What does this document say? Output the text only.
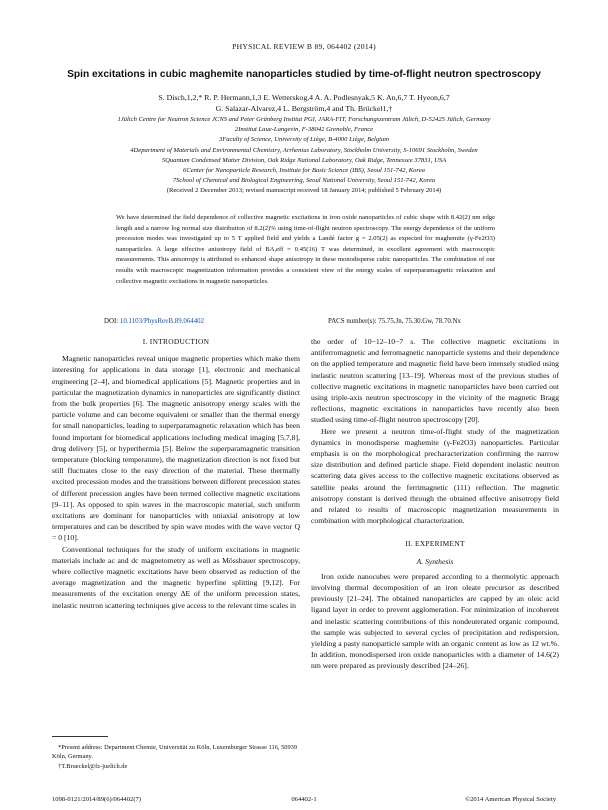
PHYSICAL REVIEW B 89, 064402 (2014)
Spin excitations in cubic maghemite nanoparticles studied by time-of-flight neutron spectroscopy
S. Disch,1,2,* R. P. Hermann,1,3 E. Wetterskog,4 A. A. Podlesnyak,5 K. An,6,7 T. Hyeon,6,7
G. Salazar-Alvarez,4 L. Bergström,4 and Th. Brückel1,†
1Jülich Centre for Neutron Science JCNS and Peter Grünberg Institut PGI, JARA-FIT, Forschungszentrum Jülich, D-52425 Jülich, Germany
2Institut Laue-Langevin, F-38042 Grenoble, France
3Faculty of Science, University of Liège, B-4000 Liège, Belgium
4Department of Materials and Environmental Chemistry, Arrhenius Laboratory, Stockholm University, S-10691 Stockholm, Sweden
5Quantum Condensed Matter Division, Oak Ridge National Laboratory, Oak Ridge, Tennessee 37831, USA
6Center for Nanoparticle Research, Institute for Basic Science (IBS), Seoul 151-742, Korea
7School of Chemical and Biological Engineering, Seoul National University, Seoul 151-742, Korea
(Received 2 December 2013; revised manuscript received 18 January 2014; published 5 February 2014)
We have determined the field dependence of collective magnetic excitations in iron oxide nanoparticles of cubic shape with 8.42(2) nm edge length and a narrow log normal size distribution of 8.2(2)% using time-of-flight neutron spectroscopy. The energy dependence of the uniform precession modes was investigated up to 5 T applied field and yields a Landé factor g = 2.05(2) as expected for maghemite (γ-Fe2O3) nanoparticles. A large effective anisotropy field of BA,eff = 0.45(16) T was determined, in excellent agreement with macroscopic measurements. This anisotropy is attributed to enhanced shape anisotropy in these monodisperse cubic nanoparticles. The combination of our results with macroscopic magnetization information provides a consistent view of the energy scales of superparamagnetic relaxation and collective magnetic excitations in magnetic nanoparticles.
DOI: 10.1103/PhysRevB.89.064402	PACS number(s): 75.75.Jn, 75.30.Gw, 78.70.Nx
I. INTRODUCTION

Magnetic nanoparticles reveal unique magnetic properties which make them interesting for applications in data storage [1], electronic and mechanical engineering [2–4], and biomedical applications [5]. Magnetic properties and in particular the magnetization dynamics in nanoparticles are significantly distinct from the bulk properties [6]. The magnetic anisotropy energy scales with the particle volume and can become equivalent or smaller than the thermal energy for small nanoparticles, leading to superparamagnetic relaxation which has been found important for biomedical applications including medical imaging [5,7,8], drug delivery [5], or hyperthermia [5]. Below the superparamagnetic transition temperature (blocking temperature), the magnetization direction is not fixed but still fluctuates close to the easy direction of the material. These thermally excited precession modes and the transitions between different precession states of different precession angles have been termed collective magnetic excitations [9–11]. As opposed to spin waves in the macroscopic material, such uniform excitations are dominant for nanoparticles with uniaxial anisotropy at low temperatures and can be described by spin wave modes with the wave vector Q = 0 [10].

Conventional techniques for the study of uniform excitations in magnetic materials include ac and dc magnetometry as well as Mössbauer spectroscopy, where collective magnetic excitations have been observed as reduction of the average magnetization and the magnetic hyperfine splitting [9,12]. For measurements of the excitation energy ΔE of the uniform precession states, inelastic neutron scattering techniques give access to the relevant time scales in

the order of 10−12–10−7 s. The collective magnetic excitations in antiferromagnetic and ferromagnetic nanoparticle systems and their dependence on the applied temperature and magnetic field have been intensely studied using inelastic neutron scattering [13–19]. Whereas most of the previous studies of collective magnetic excitations in magnetic nanoparticles have been carried out using triple-axis neutron spectroscopy in the vicinity of the magnetic Bragg reflections, magnetic excitations in nanoparticles have recently also been studied using time-of-flight neutron spectroscopy [20].

Here we present a neutron time-of-flight study of the magnetization dynamics in monodisperse maghemite (γ-Fe2O3) nanoparticles. Particular emphasis is on the morphological precharacterization confirming the narrow size distribution and defined particle shape. Field dependent inelastic neutron scattering data gives access to the collective magnetic excitations observed as satellite peaks around the ferrimagnetic (111) reflection. The magnetic anisotropy constant is derived through the obtained effective anisotropy field and related to results of macroscopic magnetization measurements in combination with morphological characterization.

II. EXPERIMENT
A. Synthesis

Iron oxide nanocubes were prepared according to a thermolytic approach involving thermal decomposition of an iron oleate precursor as described previously [21–24]. The obtained nanoparticles are capped by an oleic acid ligand layer in order to prevent agglomeration. For minimization of incoherent and inelastic scattering contributions of this nondeuterated organic compound, the sample was subjected to several cycles of precipitation and redispersion, yielding a pasty nanoparticle sample with an organic content as low as 12 wt.%. In addition, monodispersed iron oxide nanoparticles with a diameter of 14.6(2) nm were prepared as previously described [24–26].

*Present address: Department Chemie, Universität zu Köln, Luxemburger Strasse 116, 50939 Köln, Germany.

†T.Brueckel@fz-juelich.de

1098-0121/2014/89(6)/064402(7)	064402-1	©2014 American Physical Society
